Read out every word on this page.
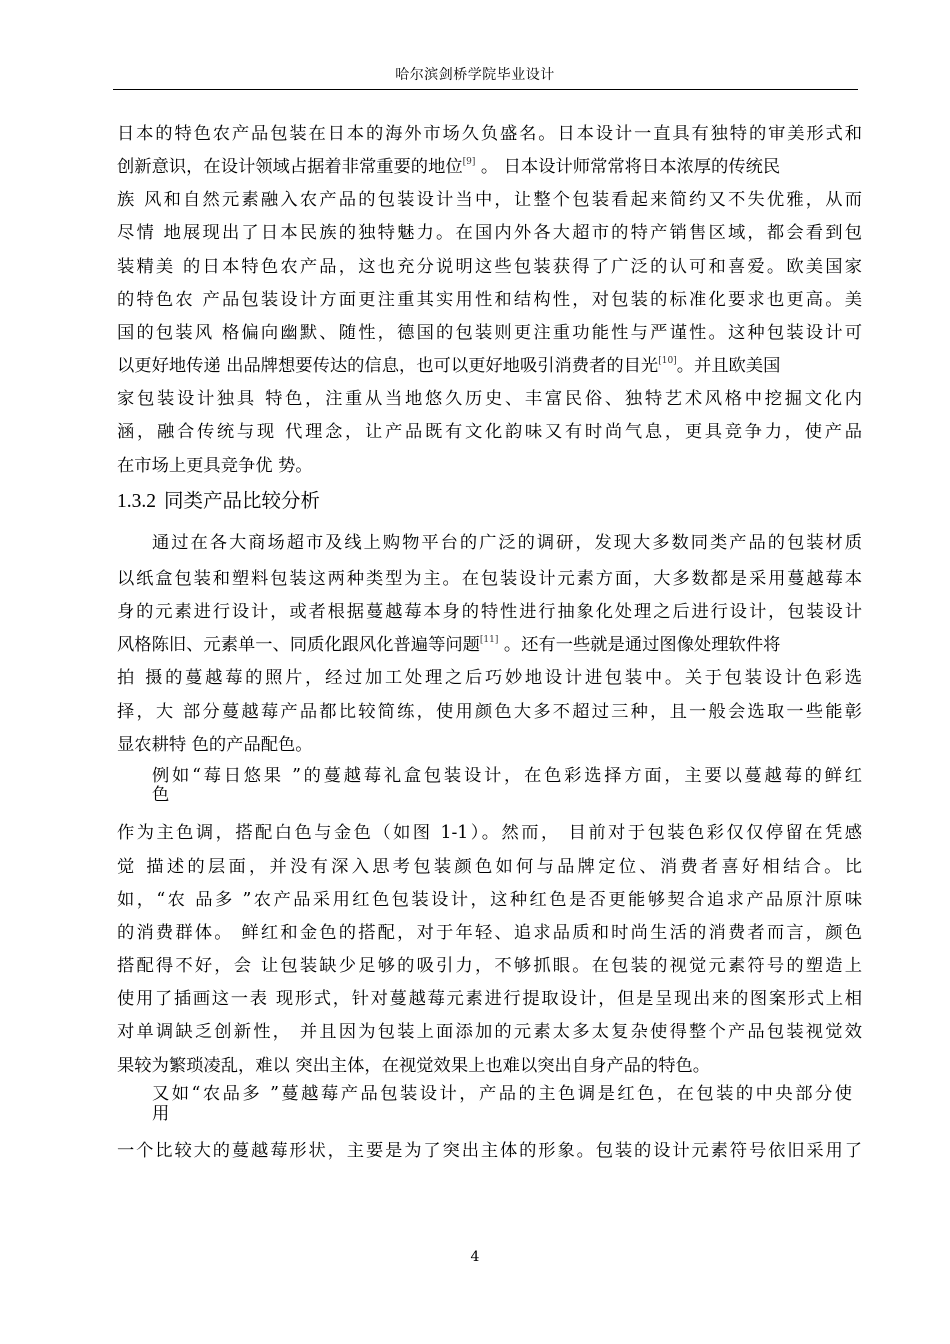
哈尔滨剑桥学院毕业设计
日本的特色农产品包装在日本的海外市场久负盛名。日本设计一直具有独特的审美形式和
创新意识，在设计领域占据着非常重要的地位[9] 。 日本设计师常常将日本浓厚的传统民
族 风和自然元素融入农产品的包装设计当中，让整个包装看起来简约又不失优雅，从而
尽情 地展现出了日本民族的独特魅力。在国内外各大超市的特产销售区域，都会看到包
装精美 的日本特色农产品，这也充分说明这些包装获得了广泛的认可和喜爱。欧美国家
的特色农 产品包装设计方面更注重其实用性和结构性，对包装的标准化要求也更高。美
国的包装风 格偏向幽默、随性，德国的包装则更注重功能性与严谨性。这种包装设计可
以更好地传递 出品牌想要传达的信息，也可以更好地吸引消费者的目光[10]。并且欧美国
家包装设计独具 特色，注重从当地悠久历史、丰富民俗、独特艺术风格中挖掘文化内
涵，融合传统与现 代理念，让产品既有文化韵味又有时尚气息，更具竞争力，使产品
在市场上更具竞争优 势。
1.3.2 同类产品比较分析
通过在各大商场超市及线上购物平台的广泛的调研，发现大多数同类产品的包装材质
以纸盒包装和塑料包装这两种类型为主。在包装设计元素方面，大多数都是采用蔓越莓本
身的元素进行设计，或者根据蔓越莓本身的特性进行抽象化处理之后进行设计，包装设计
风格陈旧、元素单一、同质化跟风化普遍等问题[11] 。还有一些就是通过图像处理软件将
拍 摄的蔓越莓的照片，经过加工处理之后巧妙地设计进包装中。关于包装设计色彩选
择，大 部分蔓越莓产品都比较简练，使用颜色大多不超过三种，且一般会选取一些能彰
显农耕特 色的产品配色。
例如“莓日悠果 ”的蔓越莓礼盒包装设计，在色彩选择方面，主要以蔓越莓的鲜红
色
作为主色调，搭配白色与金色（如图 1-1）。然而， 目前对于包装色彩仅仅停留在凭感
觉 描述的层面，并没有深入思考包装颜色如何与品牌定位、消费者喜好相结合。比
如，“农 品多 ”农产品采用红色包装设计，这种红色是否更能够契合追求产品原汁原味
的消费群体。 鲜红和金色的搭配，对于年轻、追求品质和时尚生活的消费者而言，颜色
搭配得不好，会 让包装缺少足够的吸引力，不够抓眼。在包装的视觉元素符号的塑造上
使用了插画这一表 现形式，针对蔓越莓元素进行提取设计，但是呈现出来的图案形式上相
对单调缺乏创新性， 并且因为包装上面添加的元素太多太复杂使得整个产品包装视觉效
果较为繁琐凌乱，难以 突出主体，在视觉效果上也难以突出自身产品的特色。
又如“农品多 ”蔓越莓产品包装设计，产品的主色调是红色，在包装的中央部分使
用
一个比较大的蔓越莓形状，主要是为了突出主体的形象。包装的设计元素符号依旧采用了
4
